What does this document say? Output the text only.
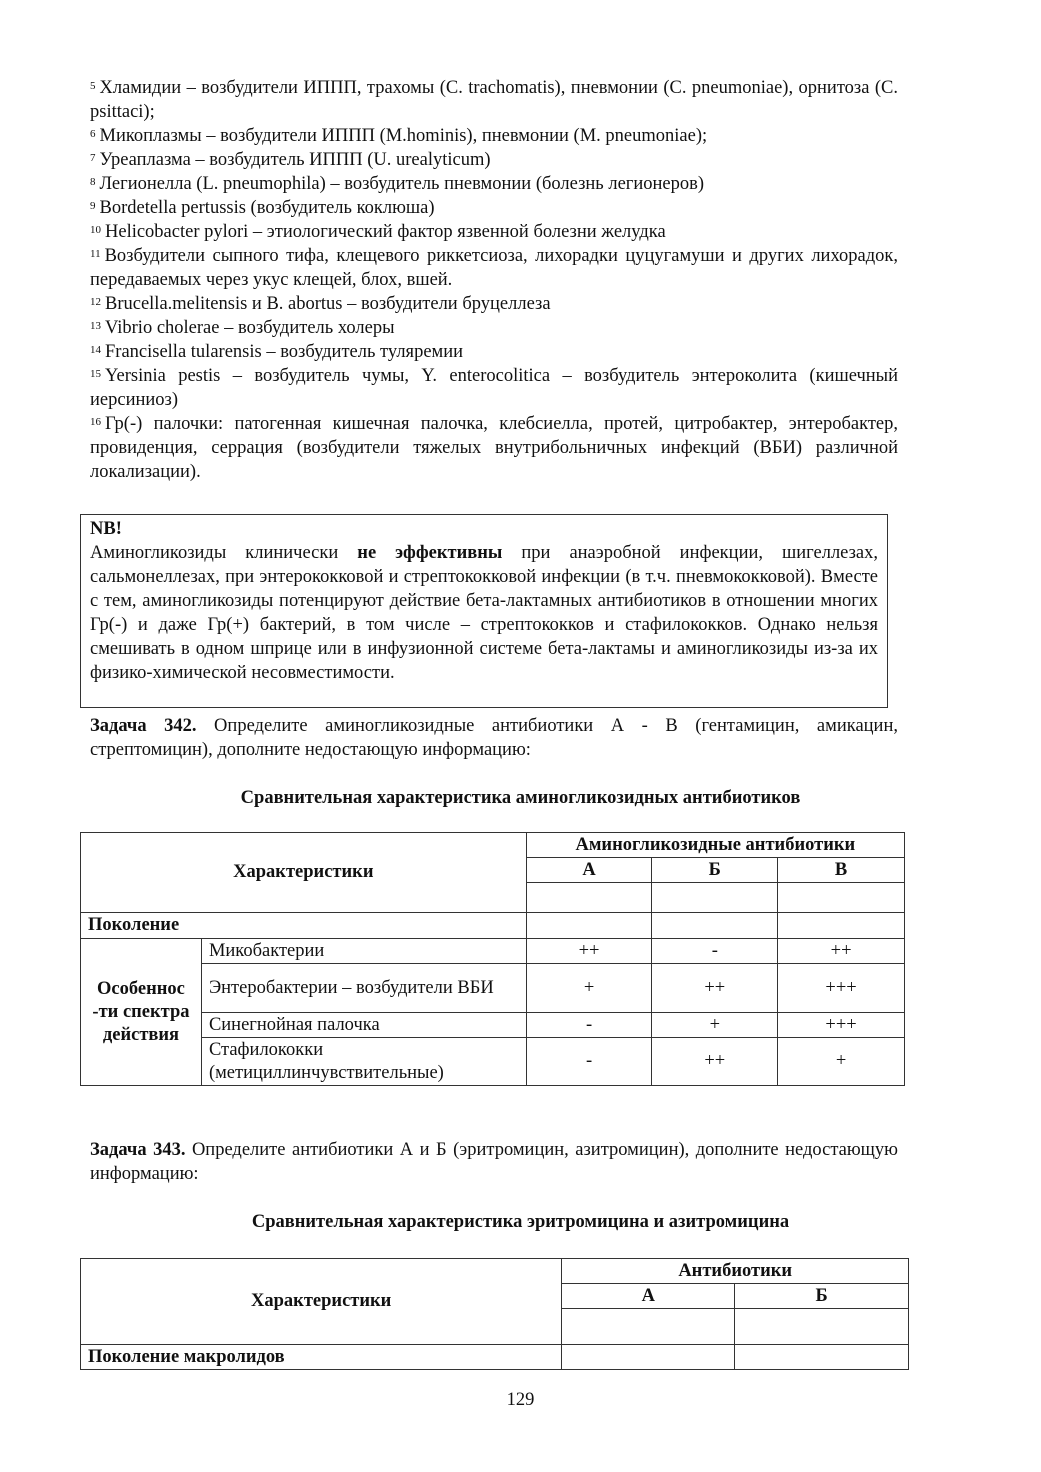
$^5$ Хламидии – возбудители ИППП, трахомы (C. trachomatis), пневмонии (C. pneumoniae), орнитоза (C. psittaci);

$^6$ Микоплазмы – возбудители ИППП (M.hominis), пневмонии (M. pneumoniae);

$^7$ Уреаплазма – возбудитель ИППП (U. urealyticum)

$^8$ Легионелла (L. pneumophila) – возбудитель пневмонии (болезнь легионеров)

$^9$ Bordetella pertussis (возбудитель коклюша)

$^{10}$ Helicobacter pylori – этиологический фактор язвенной болезни желудка

$^{11}$ Возбудители сыпного тифа, клещевого риккетсиоза, лихорадки цуцугамуши и других лихорадок, передаваемых через укус клещей, блох, вшей.

$^{12}$ Brucella.melitensis и B. abortus – возбудители бруцеллеза

$^{13}$ Vibrio cholerae – возбудитель холеры

$^{14}$ Francisella tularensis – возбудитель туляремии

$^{15}$ Yersinia pestis – возбудитель чумы, Y. enterocolitica – возбудитель энтероколита (кишечный иерсиниоз)

$^{16}$ Гр(-) палочки: патогенная кишечная палочка, клебсиелла, протей, цитробактер, энтеробактер, провиденция, серрация (возбудители тяжелых внутрибольничных инфекций (ВБИ) различной локализации).

NB!

Аминогликозиды клинически не эффективны при анаэробной инфекции, шигеллезах, сальмонеллезах, при энтерококковой и стрептококковой инфекции (в т.ч. пневмококковой). Вместе с тем, аминогликозиды потенцируют действие бета-лактамных антибиотиков в отношении многих Гр(-) и даже Гр(+) бактерий, в том числе – стрептококков и стафилококков. Однако нельзя смешивать в одном шприце или в инфузионной системе бета-лактамы и аминогликозиды из-за их физико-химической несовместимости.

Задача 342. Определите аминогликозидные антибиотики А - В (гентамицин, амикацин, стрептомицин), дополните недостающую информацию:

Сравнительная характеристика аминогликозидных антибиотиков

Характеристики		Аминогликозидные антибиотики		
		А	Б	В

Поколение				
Особеннос -ти спектра действия	Микобактерии	++	-	++
	Энтеробактерии – возбудители ВБИ	+	++	+++
	Синегнойная палочка	-	+	+++
	Стафилококки (метициллинчувствительные)	-	++	+

Задача 343. Определите антибиотики А и Б (эритромицин, азитромицин), дополните недостающую информацию:

Сравнительная характеристика эритромицина и азитромицина

Характеристики	Антибиотики	
	А	Б

Поколение макролидов		
129
